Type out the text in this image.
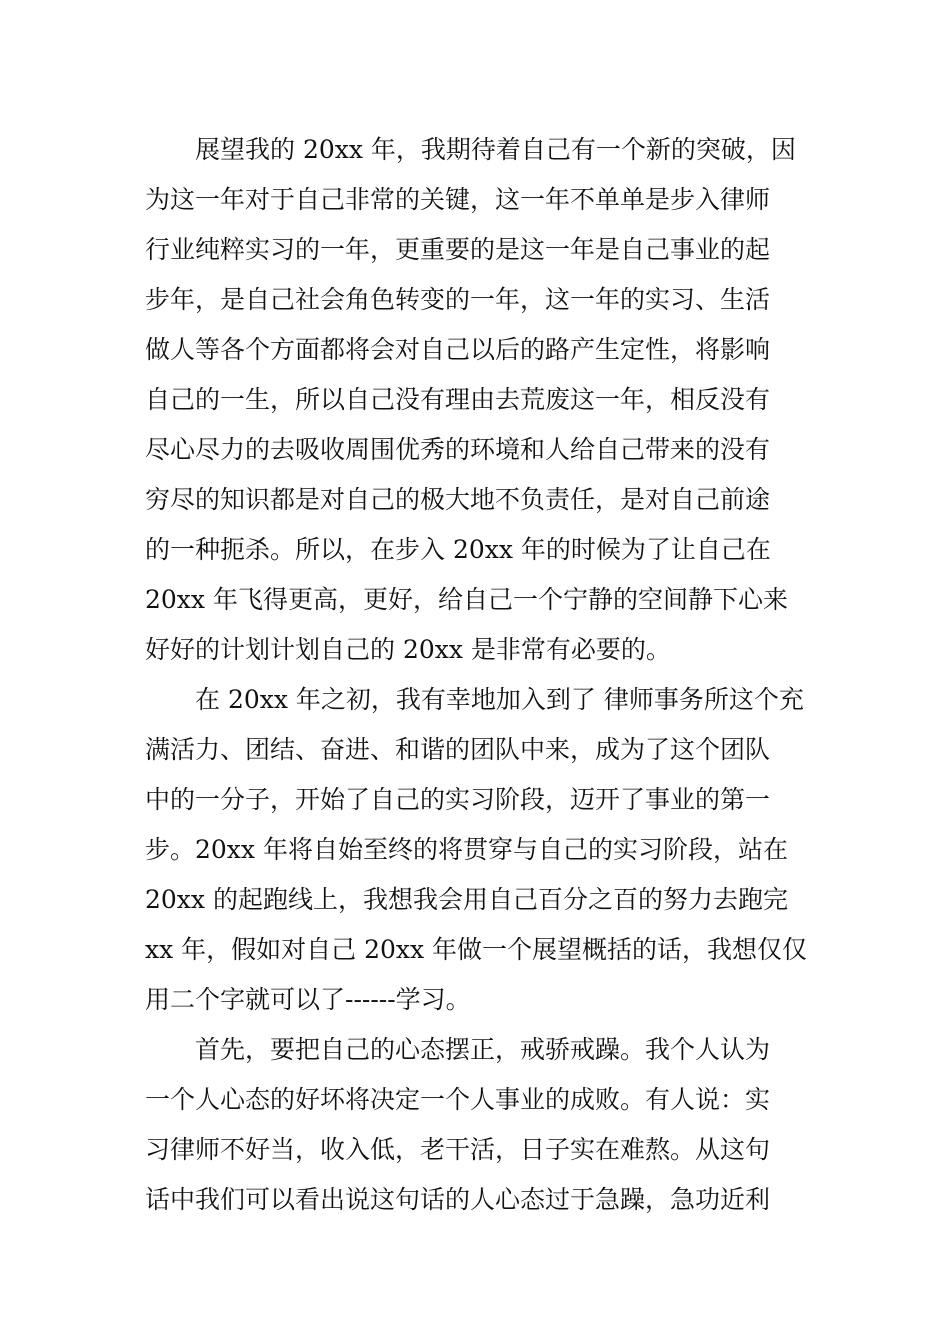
展望我的 20xx 年，我期待着自己有一个新的突破，因
为这一年对于自己非常的关键，这一年不单单是步入律师
行业纯粹实习的一年，更重要的是这一年是自己事业的起
步年，是自己社会角色转变的一年，这一年的实习、生活
做人等各个方面都将会对自己以后的路产生定性，将影响
自己的一生，所以自己没有理由去荒废这一年，相反没有
尽心尽力的去吸收周围优秀的环境和人给自己带来的没有
穷尽的知识都是对自己的极大地不负责任，是对自己前途
的一种扼杀。所以，在步入 20xx 年的时候为了让自己在
20xx 年飞得更高，更好，给自己一个宁静的空间静下心来
好好的计划计划自己的 20xx 是非常有必要的。
在 20xx 年之初，我有幸地加入到了 律师事务所这个充
满活力、团结、奋进、和谐的团队中来，成为了这个团队
中的一分子，开始了自己的实习阶段，迈开了事业的第一
步。20xx 年将自始至终的将贯穿与自己的实习阶段，站在
20xx 的起跑线上，我想我会用自己百分之百的努力去跑完
xx 年，假如对自己 20xx 年做一个展望概括的话，我想仅仅
用二个字就可以了------学习。
首先，要把自己的心态摆正，戒骄戒躁。我个人认为
一个人心态的好坏将决定一个人事业的成败。有人说：实
习律师不好当，收入低，老干活，日子实在难熬。从这句
话中我们可以看出说这句话的人心态过于急躁，急功近利
